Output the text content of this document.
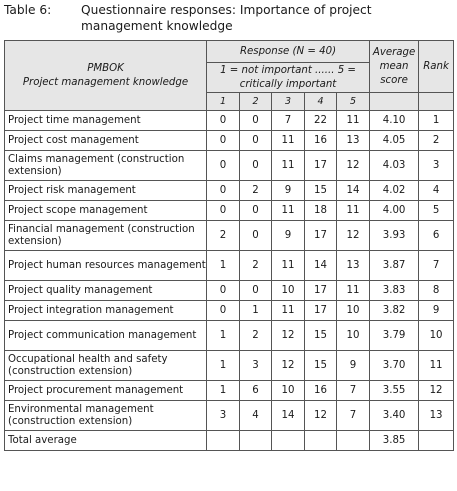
Table 6: Questionnaire responses: Importance of project management knowledge
PMBOK
Project management knowledge	Response (N = 40)					Average
mean
score	Rank
	1 = not important ...... 5 =
critically important						
	1	2	3	4	5		
Project time management	0	0	7	22	11	4.10	1
Project cost management	0	0	11	16	13	4.05	2
Claims management (construction extension)	0	0	11	17	12	4.03	3
Project risk management	0	2	9	15	14	4.02	4
Project scope management	0	0	11	18	11	4.00	5
Financial management (construction extension)	2	0	9	17	12	3.93	6
Project human resources management	1	2	11	14	13	3.87	7
Project quality management	0	0	10	17	11	3.83	8
Project integration management	0	1	11	17	10	3.82	9
Project communication management	1	2	12	15	10	3.79	10
Occupational health and safety (construction extension)	1	3	12	15	9	3.70	11
Project procurement management	1	6	10	16	7	3.55	12
Environmental management (construction extension)	3	4	14	12	7	3.40	13
Total average						3.85	
